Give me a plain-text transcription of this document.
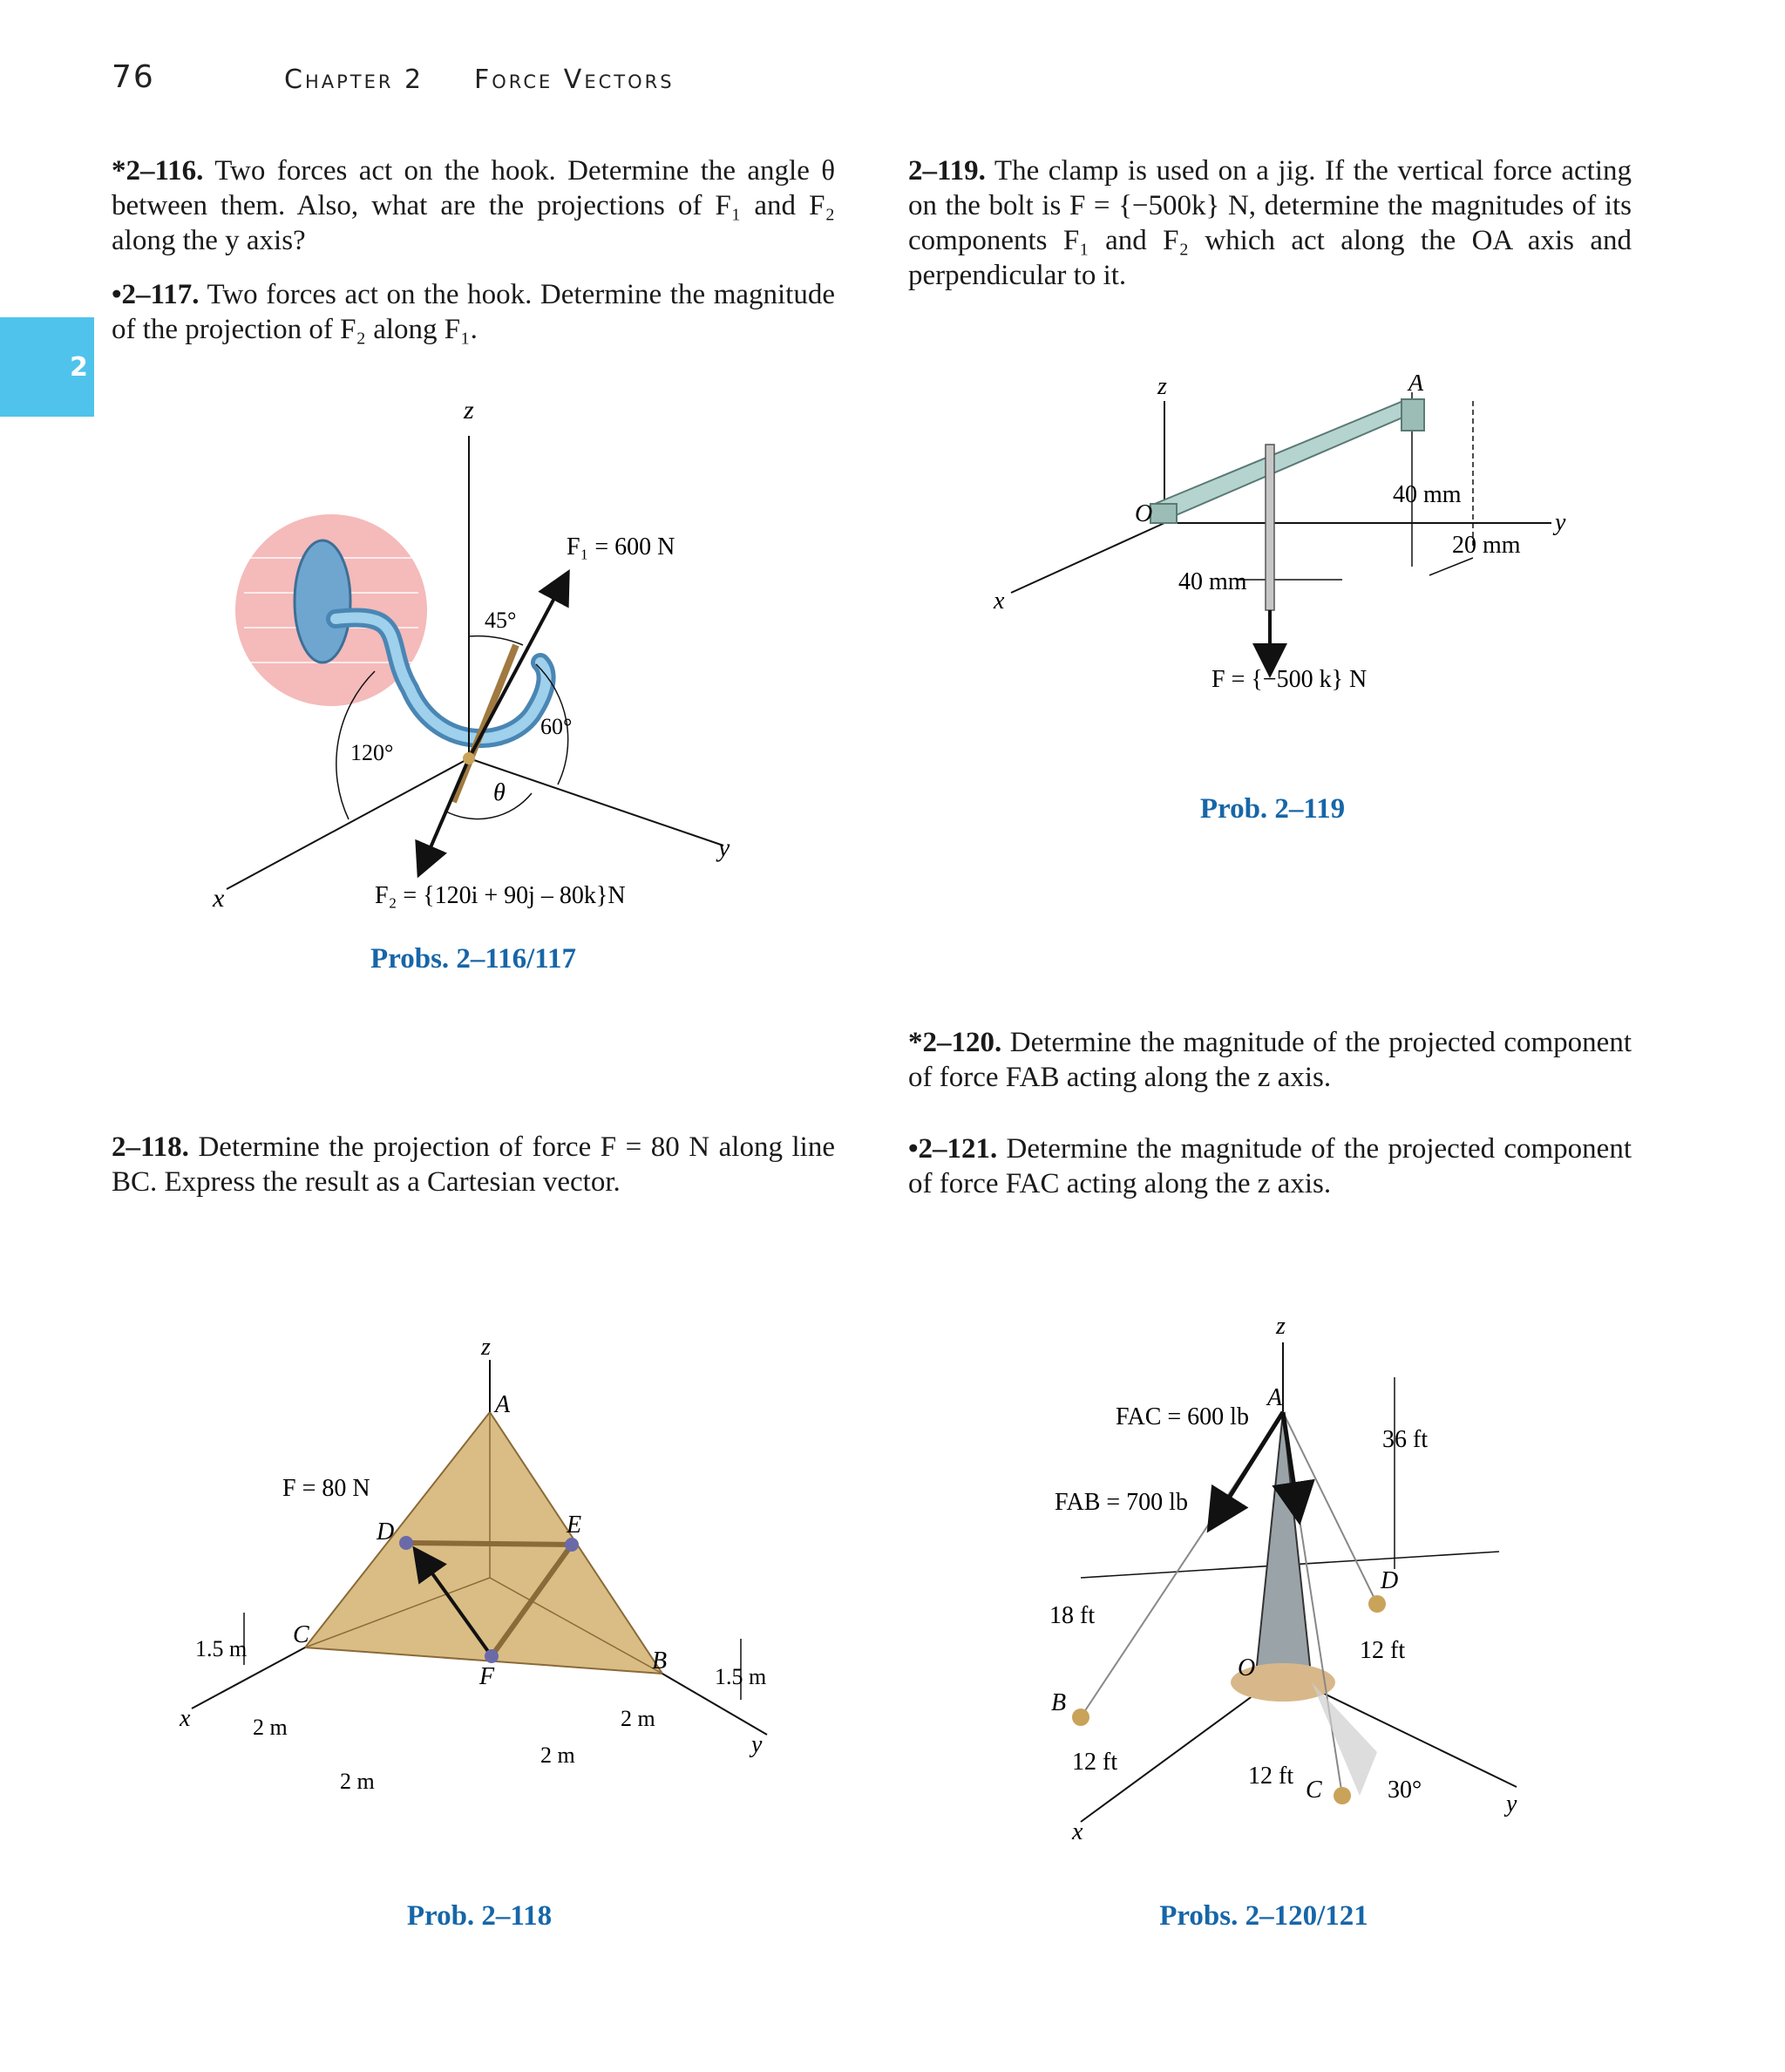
76	Chapter 2 Force Vectors
2
*2–116. Two forces act on the hook. Determine the angle θ between them. Also, what are the projections of F₁ and F₂ along the y axis?
•2–117. Two forces act on the hook. Determine the magnitude of the projection of F₂ along F₁.
2–119. The clamp is used on a jig. If the vertical force acting on the bolt is F = {−500k} N, determine the magnitudes of its components F₁ and F₂ which act along the OA axis and perpendicular to it.
*2–120. Determine the magnitude of the projected component of force FAB acting along the z axis.
2–118. Determine the projection of force F = 80 N along line BC. Express the result as a Cartesian vector.
•2–121. Determine the magnitude of the projected component of force FAC acting along the z axis.
z
x
y
F₁ = 600 N
45°
60°
120°
θ
F₂ = {120i + 90j – 80k}N
Probs. 2–116/117
z
x
y
O
A
40 mm
40 mm
20 mm
F = {−500 k} N
Prob. 2–119
z
x
y
A
B
C
D	E
F
F = 80 N
1.5 m
1.5 m
2 m
2 m
2 m
2 m
Prob. 2–118
z
x
y
A
B
C
D
O
FAC = 600 lb
FAB = 700 lb
36 ft
18 ft
12 ft
12 ft
12 ft
30°
Probs. 2–120/121
